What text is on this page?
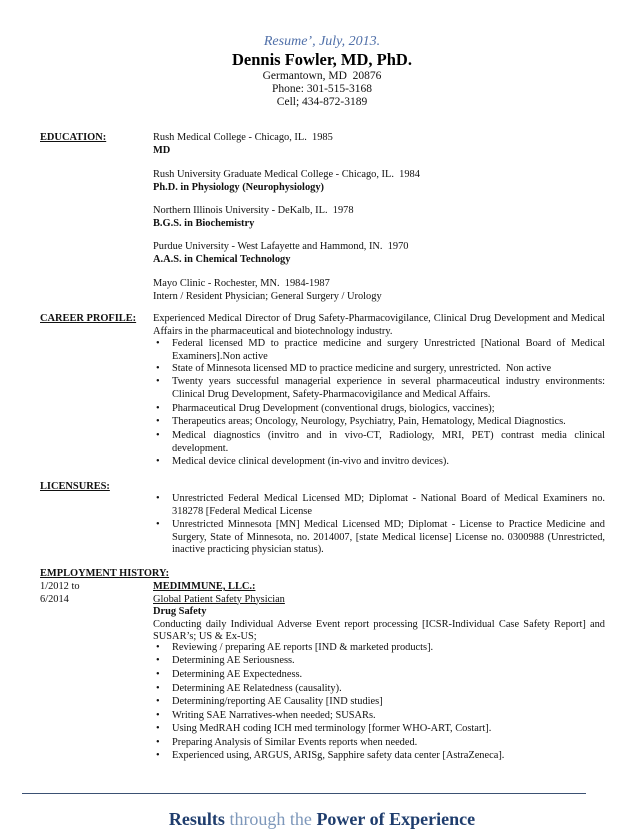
Resume’, July, 2013.
Dennis Fowler, MD, PhD.
Germantown, MD  20876
Phone: 301-515-3168
Cell; 434-872-3189
EDUCATION:	Rush Medical College - Chicago, IL.  1985
MD
Rush University Graduate Medical College - Chicago, IL.  1984
Ph.D. in Physiology (Neurophysiology)
Northern Illinois University - DeKalb, IL.  1978
B.G.S. in Biochemistry
Purdue University - West Lafayette and Hammond, IN.  1970
A.A.S. in Chemical Technology
Mayo Clinic - Rochester, MN.  1984-1987
Intern / Resident Physician; General Surgery / Urology
CAREER PROFILE: Experienced Medical Director of Drug Safety-Pharmacovigilance, Clinical Drug Development and Medical Affairs in the pharmaceutical and biotechnology industry.
• Federal licensed MD to practice medicine and surgery Unrestricted [National Board of Medical Examiners].Non active
• State of Minnesota licensed MD to practice medicine and surgery, unrestricted.  Non active
• Twenty years successful managerial experience in several pharmaceutical industry environments: Clinical Drug Development, Safety-Pharmacovigilance and Medical Affairs.
• Pharmaceutical Drug Development (conventional drugs, biologics, vaccines);
• Therapeutics areas; Oncology, Neurology, Psychiatry, Pain, Hematology, Medical Diagnostics.
• Medical diagnostics (invitro and in vivo-CT, Radiology, MRI, PET) contrast media clinical development.
• Medical device clinical development (in-vivo and invitro devices).
LICENSURES:
• Unrestricted Federal Medical Licensed MD; Diplomat - National Board of Medical Examiners no. 318278 [Federal Medical License
• Unrestricted Minnesota [MN] Medical Licensed MD; Diplomat - License to Practice Medicine and Surgery, State of Minnesota, no. 2014007, [state Medical license] License no. 0300988 (Unrestricted, inactive practicing physician status).
EMPLOYMENT HISTORY:
1/2012 to
6/2014
MEDIMMUNE, LLC.:
Global Patient Safety Physician
Drug Safety
Conducting daily Individual Adverse Event report processing [ICSR-Individual Case Safety Report] and SUSAR’s; US & Ex-US;
• Reviewing / preparing AE reports [IND & marketed products].
• Determining AE Seriousness.
• Determining AE Expectedness.
• Determining AE Relatedness (causality).
• Determining/reporting AE Causality [IND studies]
• Writing SAE Narratives-when needed; SUSARs.
• Using MedRAH coding ICH med terminology [former WHO-ART, Costart].
• Preparing Analysis of Similar Events reports when needed.
• Experienced using, ARGUS, ARISg, Sapphire safety data center [AstraZeneca].
Results through the Power of Experience
